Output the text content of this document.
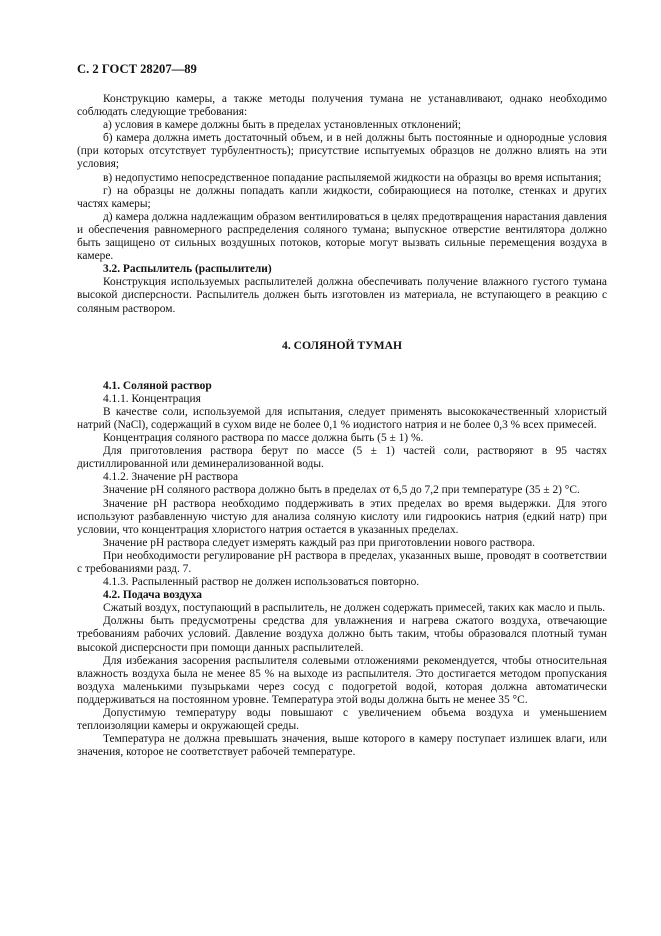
С. 2 ГОСТ 28207—89

Конструкцию камеры, а также методы получения тумана не устанавливают, однако необходимо соблюдать следующие требования:

а) условия в камере должны быть в пределах установленных отклонений;

б) камера должна иметь достаточный объем, и в ней должны быть постоянные и однородные условия (при которых отсутствует турбулентность); присутствие испытуемых образцов не должно влиять на эти условия;

в) недопустимо непосредственное попадание распыляемой жидкости на образцы во время испытания;

г) на образцы не должны попадать капли жидкости, собирающиеся на потолке, стенках и других частях камеры;

д) камера должна надлежащим образом вентилироваться в целях предотвращения нарастания давления и обеспечения равномерного распределения соляного тумана; выпускное отверстие вентилятора должно быть защищено от сильных воздушных потоков, которые могут вызвать сильные перемещения воздуха в камере.

3.2. Распылитель (распылители)

Конструкция используемых распылителей должна обеспечивать получение влажного густого тумана высокой дисперсности. Распылитель должен быть изготовлен из материала, не вступающего в реакцию с соляным раствором.

4. СОЛЯНОЙ ТУМАН

4.1. Соляной раствор

4.1.1. Концентрация

В качестве соли, используемой для испытания, следует применять высококачественный хлористый натрий (NaCl), содержащий в сухом виде не более 0,1 % иодистого натрия и не более 0,3 % всех примесей.

Концентрация соляного раствора по массе должна быть (5 ± 1) %.

Для приготовления раствора берут по массе (5 ± 1) частей соли, растворяют в 95 частях дистиллированной или деминерализованной воды.

4.1.2. Значение рН раствора

Значение рН соляного раствора должно быть в пределах от 6,5 до 7,2 при температуре (35 ± 2) °С.

Значение рН раствора необходимо поддерживать в этих пределах во время выдержки. Для этого используют разбавленную чистую для анализа соляную кислоту или гидроокись натрия (едкий натр) при условии, что концентрация хлористого натрия остается в указанных пределах.

Значение рН раствора следует измерять каждый раз при приготовлении нового раствора.

При необходимости регулирование рН раствора в пределах, указанных выше, проводят в соответствии с требованиями разд. 7.

4.1.3. Распыленный раствор не должен использоваться повторно.

4.2. Подача воздуха

Сжатый воздух, поступающий в распылитель, не должен содержать примесей, таких как масло и пыль.

Должны быть предусмотрены средства для увлажнения и нагрева сжатого воздуха, отвечающие требованиям рабочих условий. Давление воздуха должно быть таким, чтобы образовался плотный туман высокой дисперсности при помощи данных распылителей.

Для избежания засорения распылителя солевыми отложениями рекомендуется, чтобы относительная влажность воздуха была не менее 85 % на выходе из распылителя. Это достигается методом пропускания воздуха маленькими пузырьками через сосуд с подогретой водой, которая должна автоматически поддерживаться на постоянном уровне. Температура этой воды должна быть не менее 35 °С.

Допустимую температуру воды повышают с увеличением объема воздуха и уменьшением теплоизоляции камеры и окружающей среды.

Температура не должна превышать значения, выше которого в камеру поступает излишек влаги, или значения, которое не соответствует рабочей температуре.
